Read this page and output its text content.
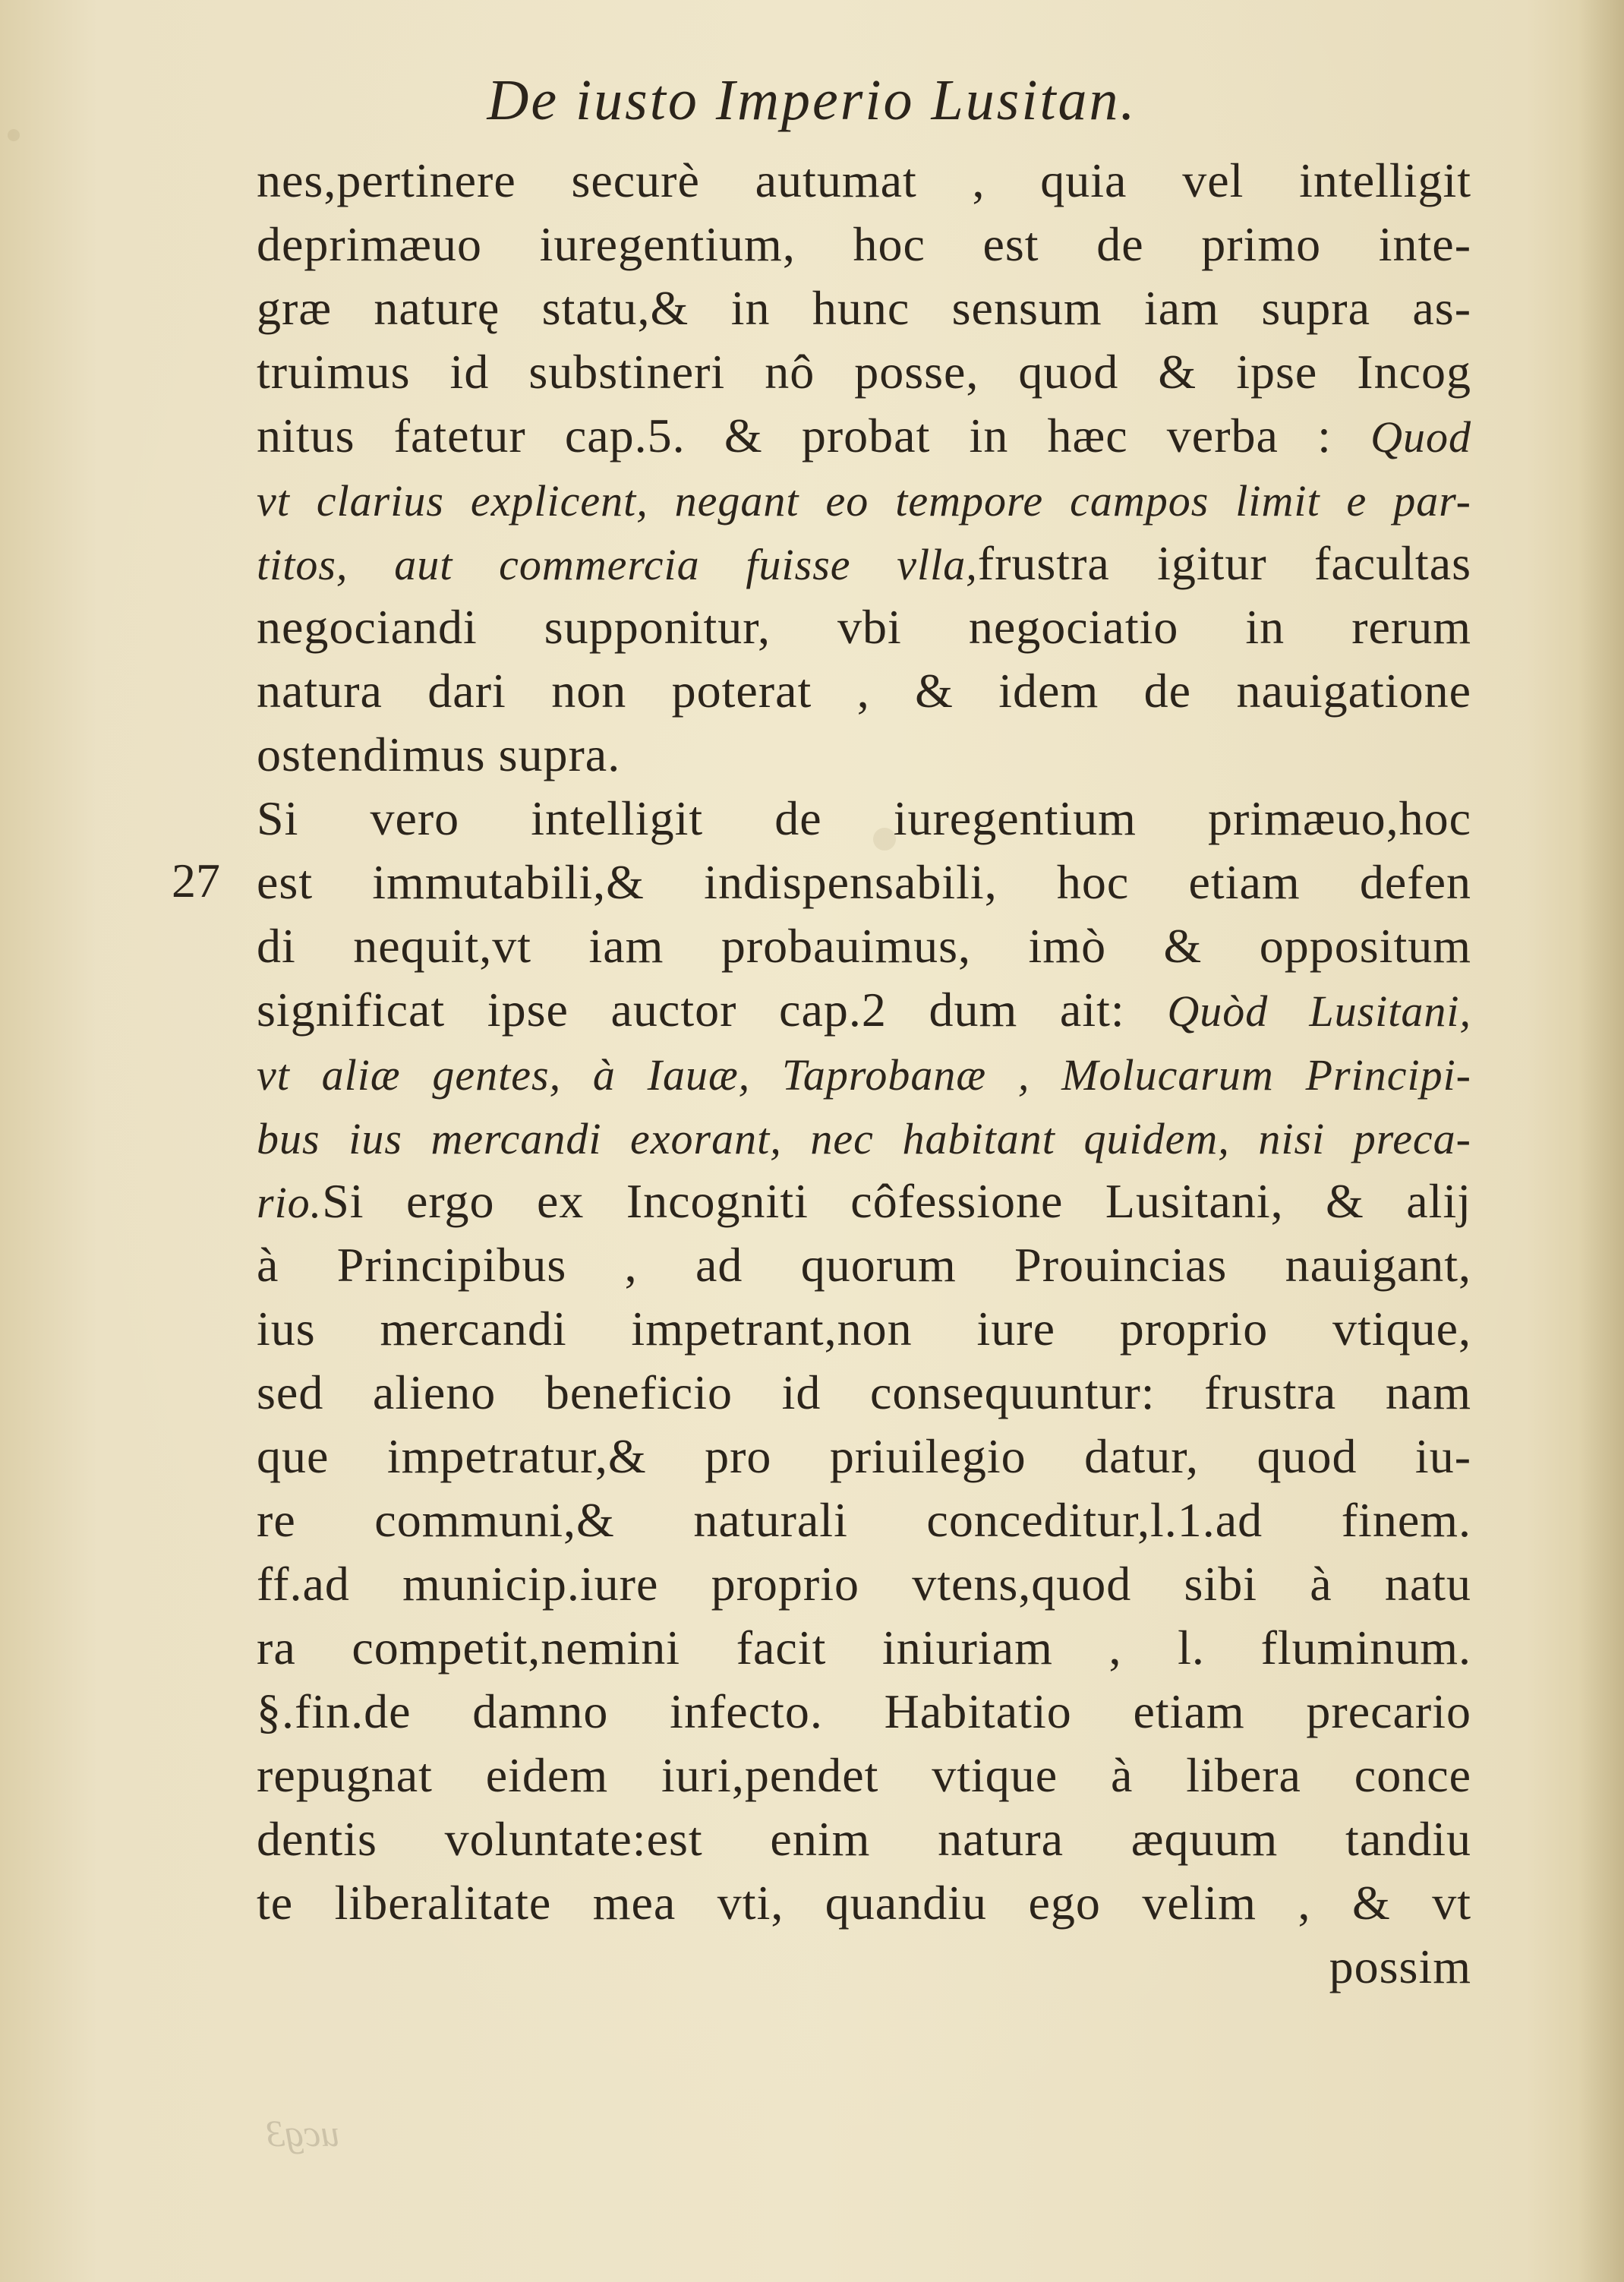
De iusto Imperio Lusitan.
27
nes,pertinere securè autumat , quia vel intelligit
deprimæuo iuregentium, hoc est de primo inte-
græ naturę statu,& in hunc sensum iam supra as-
truimus id substineri nô posse, quod & ipse Incog
nitus fatetur cap.5. & probat in hæc verba : Quod
vt clarius explicent, negant eo tempore campos limit e par-
titos, aut commercia fuisse vlla,frustra igitur facultas
negociandi supponitur, vbi negociatio in rerum
natura dari non poterat , & idem de nauigatione
ostendimus supra.
Si vero intelligit de iuregentium primæuo,hoc
est immutabili,& indispensabili, hoc etiam defen
di nequit,vt iam probauimus, imò & oppositum
significat ipse auctor cap.2 dum ait: Quòd Lusitani,
vt aliæ gentes, à Iauæ, Taprobanæ , Molucarum Principi-
bus ius mercandi exorant, nec habitant quidem, nisi preca-
rio.Si ergo ex Incogniti côfessione Lusitani, & alij
à Principibus , ad quorum Prouincias nauigant,
ius mercandi impetrant,non iure proprio vtique,
sed alieno beneficio id consequuntur: frustra nam
que impetratur,& pro priuilegio datur, quod iu-
re communi,& naturali conceditur,l.1.ad finem.
ff.ad municip.iure proprio vtens,quod sibi à natu
ra competit,nemini facit iniuriam , l. fluminum.
§.fin.de damno infecto. Habitatio etiam precario
repugnat eidem iuri,pendet vtique à libera conce
dentis voluntate:est enim natura æquum tandiu
te liberalitate mea vti, quandiu ego velim , & vt
possim
ucg3
